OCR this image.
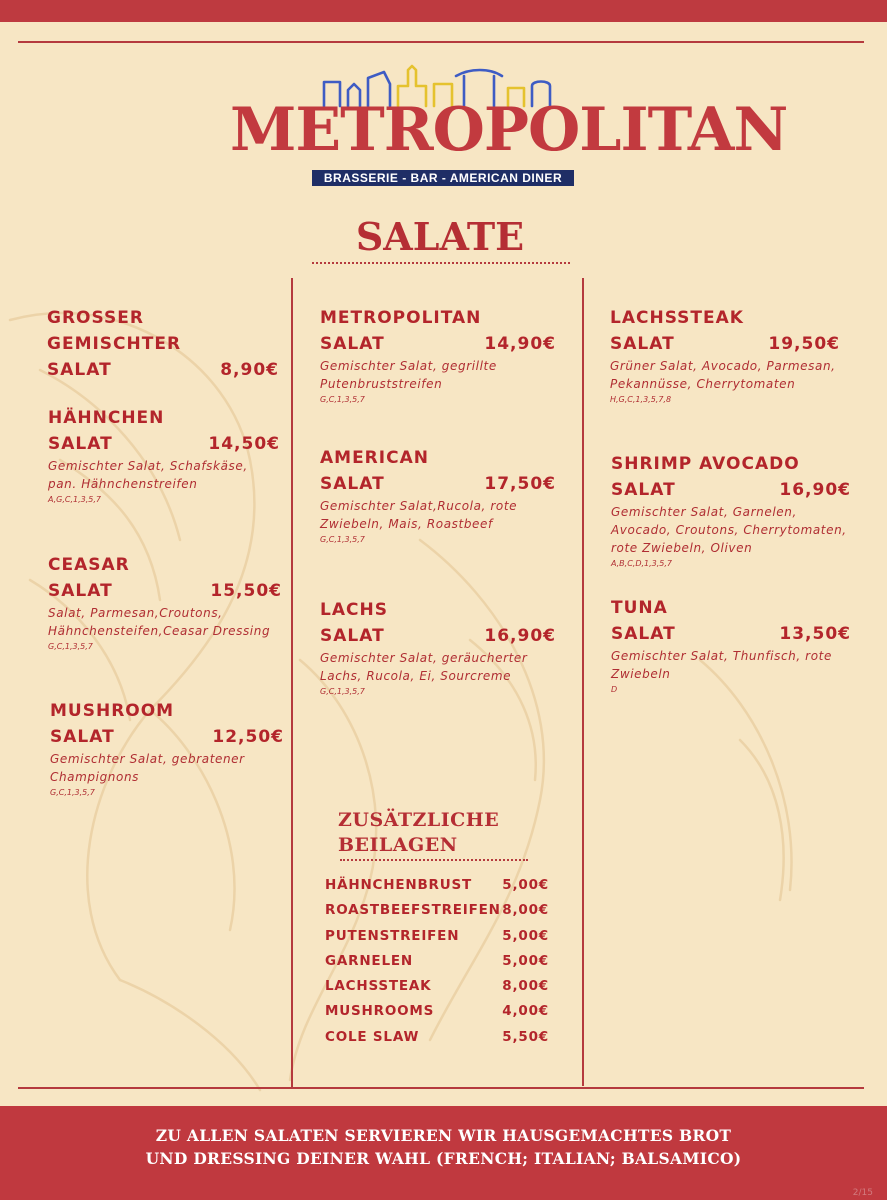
METROPOLITAN
BRASSERIE - BAR - AMERICAN DINER
SALATE
GROSSER GEMISCHTER
SALAT	8,90€
HÄHNCHEN
SALAT	14,50€
Gemischter Salat, Schafskäse, pan. Hähnchenstreifen
A,G,C,1,3,5,7
CEASAR
SALAT	15,50€
Salat, Parmesan,Croutons, Hähnchensteifen,Ceasar Dressing
G,C,1,3,5,7
MUSHROOM
SALAT	12,50€
Gemischter Salat, gebratener Champignons
G,C,1,3,5,7
METROPOLITAN
SALAT	14,90€
Gemischter Salat, gegrillte Putenbruststreifen
G,C,1,3,5,7
AMERICAN
SALAT	17,50€
Gemischter Salat,Rucola, rote Zwiebeln, Mais, Roastbeef
G,C,1,3,5,7
LACHS
SALAT	16,90€
Gemischter Salat, geräucherter Lachs, Rucola, Ei, Sourcreme
G,C,1,3,5,7
ZUSÄTZLICHE
BEILAGEN
HÄHNCHENBRUST 5,00€
ROASTBEEFSTREIFEN 8,00€
PUTENSTREIFEN	5,00€
GARNELEN	5,00€
LACHSSTEAK	8,00€
MUSHROOMS	4,00€
COLE SLAW	5,50€
LACHSSTEAK
SALAT	19,50€
Grüner Salat, Avocado, Parmesan, Pekannüsse, Cherrytomaten
H,G,C,1,3,5,7,8
SHRIMP AVOCADO
SALAT	16,90€
Gemischter Salat, Garnelen, Avocado, Croutons, Cherrytomaten, rote Zwiebeln, Oliven
A,B,C,D,1,3,5,7
TUNA
SALAT	13,50€
Gemischter Salat, Thunfisch, rote Zwiebeln
D

ZU ALLEN SALATEN SERVIEREN WIR HAUSGEMACHTES BROT

UND DRESSING DEINER WAHL (FRENCH; ITALIAN; BALSAMICO)

2/15
